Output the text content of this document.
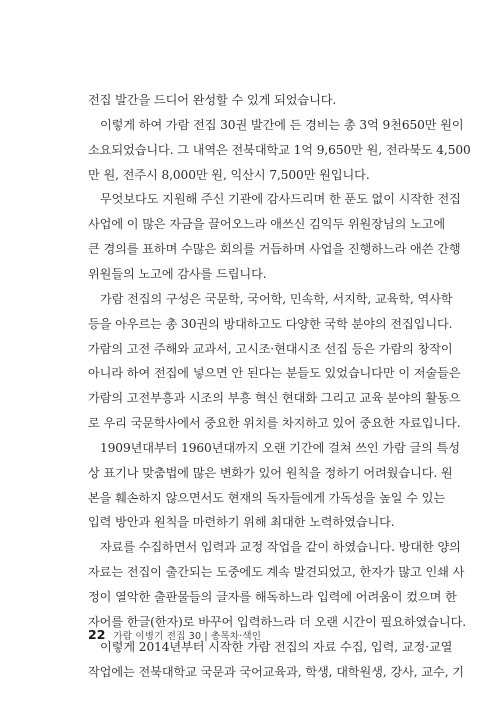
전집 발간을 드디어 완성할 수 있게 되었습니다.
이렇게 하여 가람 전집 30권 발간에 든 경비는 총 3억 9천650만 원이
소요되었습니다. 그 내역은 전북대학교 1억 9,650만 원, 전라북도 4,500
만 원, 전주시 8,000만 원, 익산시 7,500만 원입니다.
무엇보다도 지원해 주신 기관에 감사드리며 한 푼도 없이 시작한 전집
사업에 이 많은 자금을 끌어오느라 애쓰신 김익두 위원장님의 노고에
큰 경의를 표하며 수많은 회의를 거듭하며 사업을 진행하느라 애쓴 간행
위원들의 노고에 감사를 드립니다.
가람 전집의 구성은 국문학, 국어학, 민속학, 서지학, 교육학, 역사학
등을 아우르는 총 30권의 방대하고도 다양한 국학 분야의 전집입니다.
가람의 고전 주해와 교과서, 고시조·현대시조 선집 등은 가람의 창작이
아니라 하여 전집에 넣으면 안 된다는 분들도 있었습니다만 이 저술들은
가람의 고전부흥과 시조의 부흥 혁신 현대화 그리고 교육 분야의 활동으
로 우리 국문학사에서 중요한 위치를 차지하고 있어 중요한 자료입니다.
1909년대부터 1960년대까지 오랜 기간에 걸쳐 쓰인 가람 글의 특성
상 표기나 맞춤법에 많은 변화가 있어 원칙을 정하기 어려웠습니다. 원
본을 훼손하지 않으면서도 현재의 독자들에게 가독성을 높일 수 있는
입력 방안과 원칙을 마련하기 위해 최대한 노력하였습니다.
자료를 수집하면서 입력과 교정 작업을 같이 하였습니다. 방대한 양의
자료는 전집이 출간되는 도중에도 계속 발견되었고, 한자가 많고 인쇄 사
정이 열악한 출판물들의 글자를 해독하느라 입력에 어려움이 컸으며 한
자어를 한글(한자)로 바꾸어 입력하느라 더 오랜 시간이 필요하였습니다.
이렇게 2014년부터 시작한 가람 전집의 자료 수집, 입력, 교정·교열
작업에는 전북대학교 국문과 국어교육과, 학생, 대학원생, 강사, 교수, 기
22 가람 이병기 전집 30 | 총목차·색인
